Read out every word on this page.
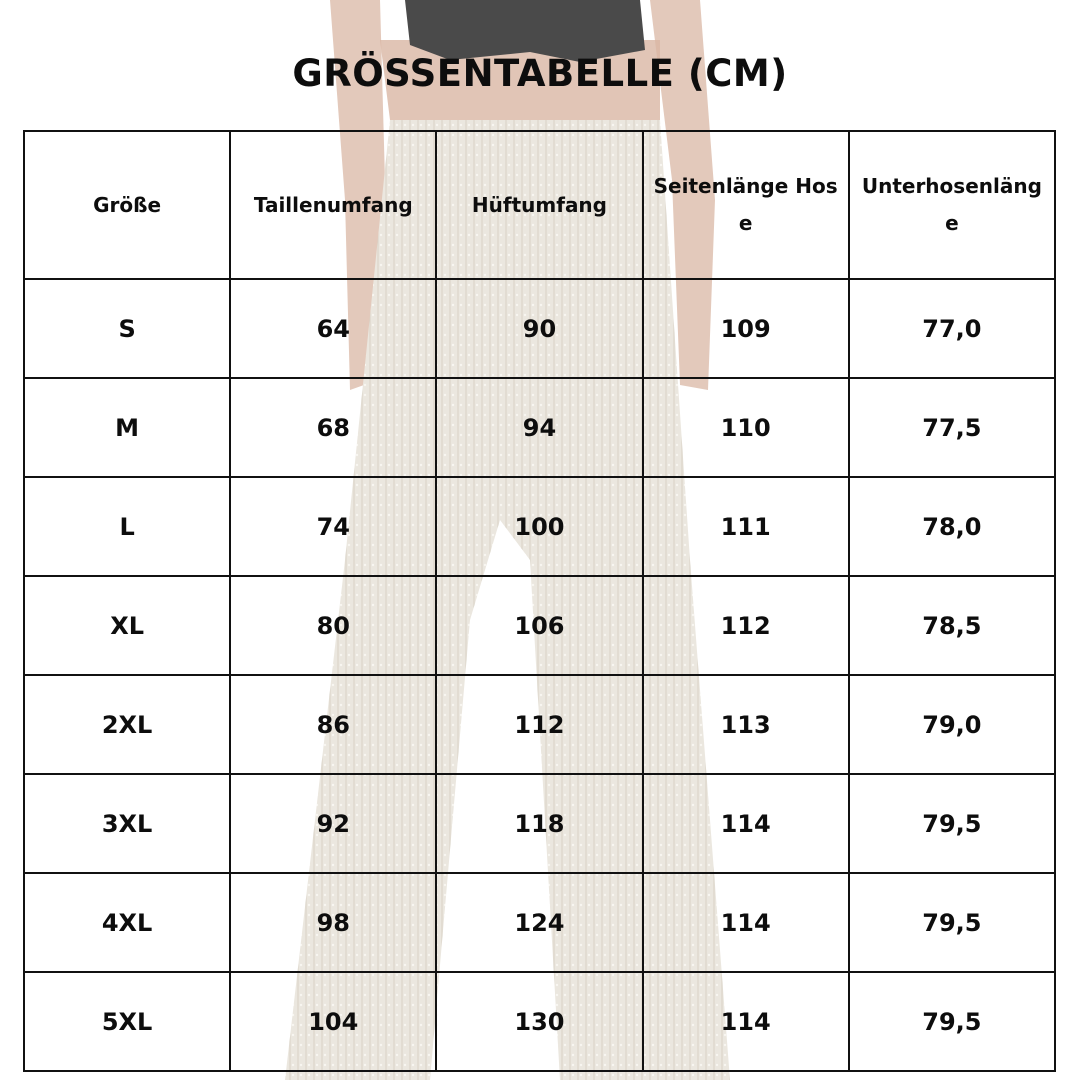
GRÖSSENTABELLE (CM)
Größe	Taillenumfang	Hüftumfang	Seitenlänge Hose	Unterhosenlänge
S	64	90	109	77,0
M	68	94	110	77,5
L	74	100	111	78,0
XL	80	106	112	78,5
2XL	86	112	113	79,0
3XL	92	118	114	79,5
4XL	98	124	114	79,5
5XL	104	130	114	79,5
